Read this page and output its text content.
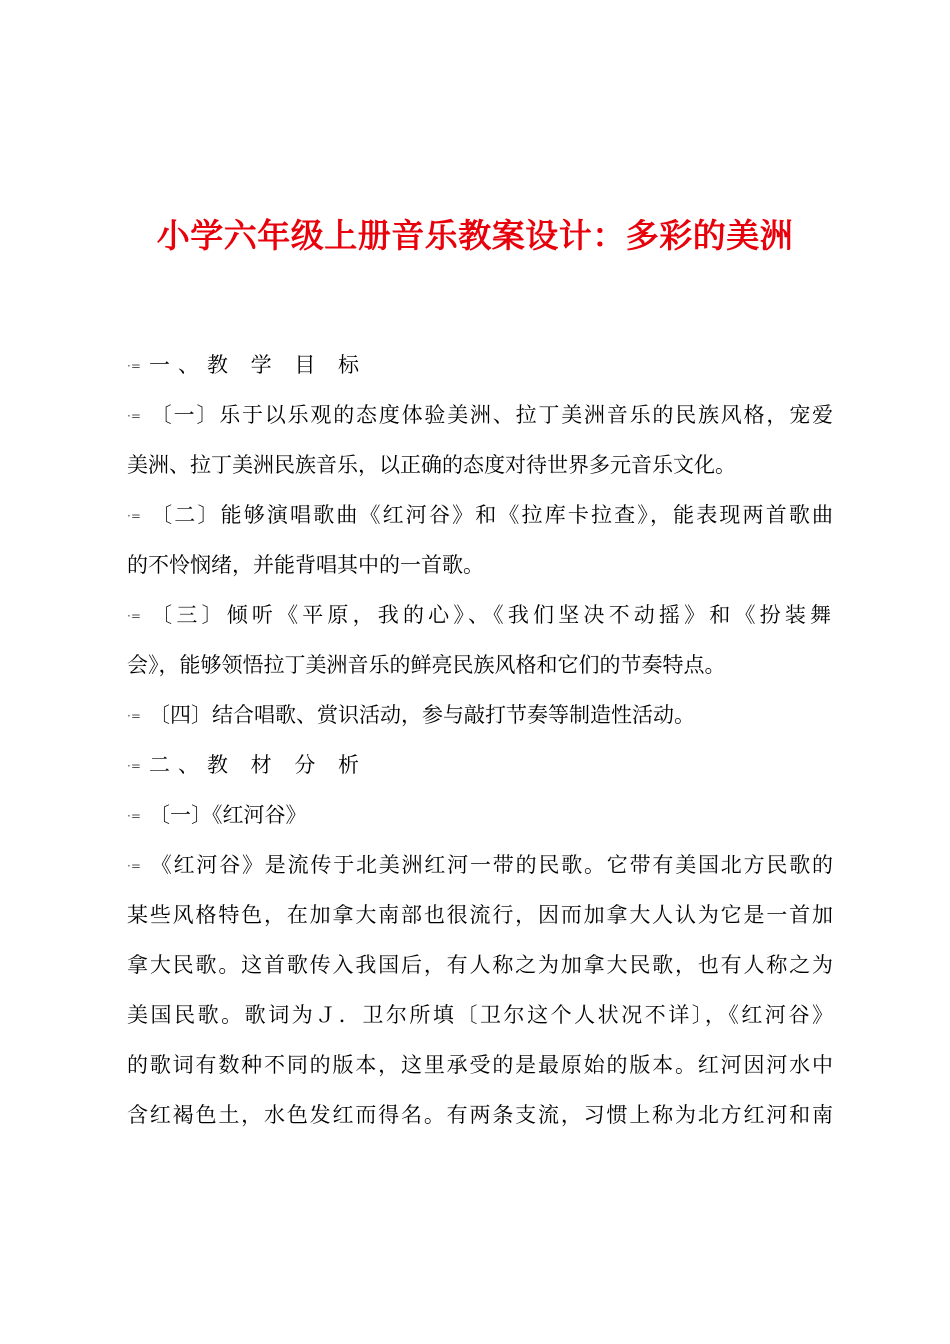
小学六年级上册音乐教案设计：多彩的美洲
·= 一、教 学 目 标
·= 〔一〕乐于以乐观的态度体验美洲、拉丁美洲音乐的民族风格，宠爱
美洲、拉丁美洲民族音乐，以正确的态度对待世界多元音乐文化。
·= 〔二〕能够演唱歌曲《红河谷》和《拉库卡拉查》，能表现两首歌曲
的不怜悯绪，并能背唱其中的一首歌。
·= 〔三〕倾听《平原，我的心》、《我们坚决不动摇》和《扮装舞
会》，能够领悟拉丁美洲音乐的鲜亮民族风格和它们的节奏特点。
·= 〔四〕结合唱歌、赏识活动，参与敲打节奏等制造性活动。
·= 二、教 材 分 析
·= 〔一〕《红河谷》
·= 《红河谷》是流传于北美洲红河一带的民歌。它带有美国北方民歌的
某些风格特色，在加拿大南部也很流行，因而加拿大人认为它是一首加
拿大民歌。这首歌传入我国后，有人称之为加拿大民歌，也有人称之为
美国民歌。歌词为Ｊ．卫尔所填〔卫尔这个人状况不详〕，《红河谷》
的歌词有数种不同的版本，这里承受的是最原始的版本。红河因河水中
含红褐色土，水色发红而得名。有两条支流，习惯上称为北方红河和南
